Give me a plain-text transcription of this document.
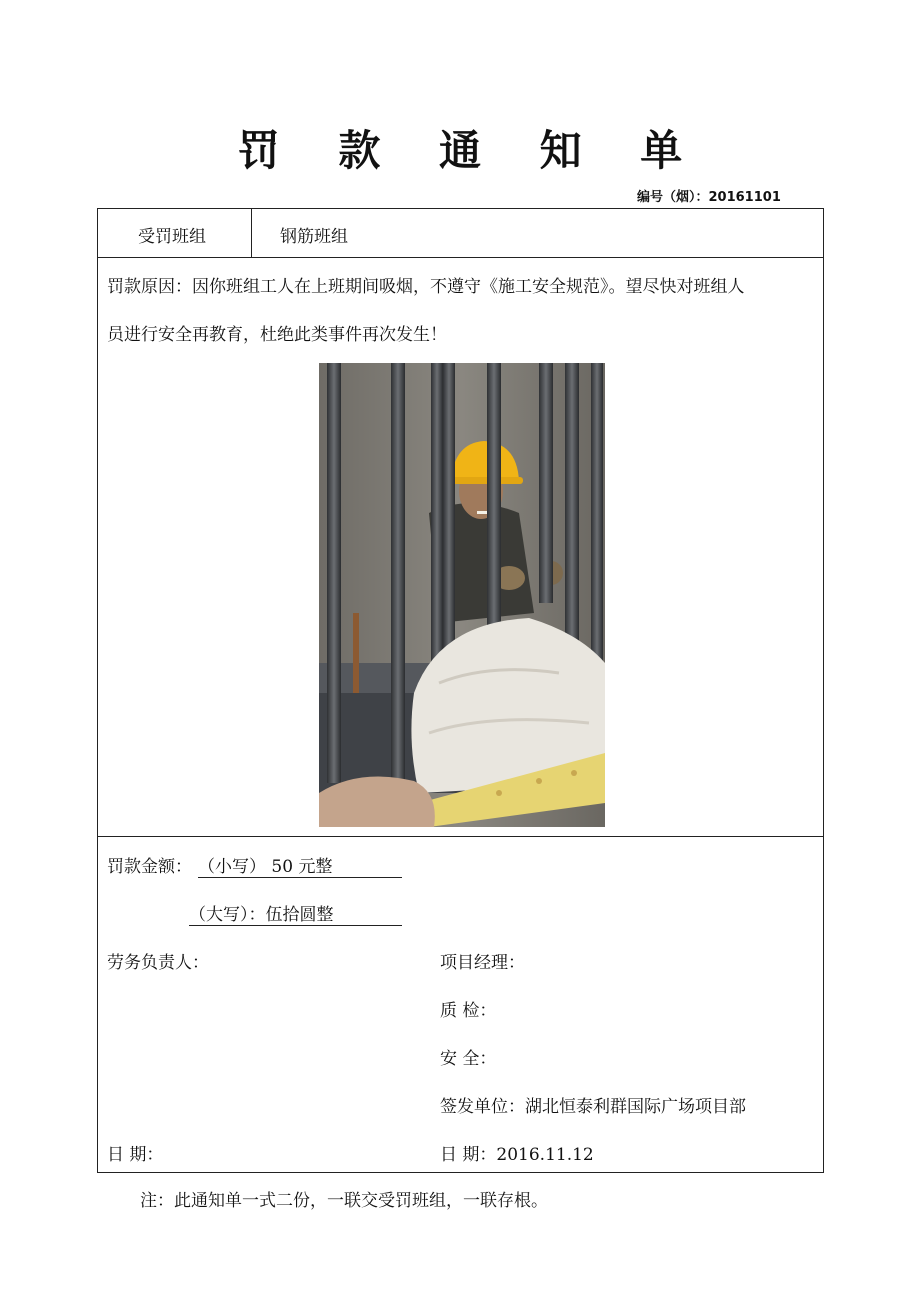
罚 款 通 知 单
编号（烟）：20161101
受罚班组	钢筋班组
罚款原因：因你班组工人在上班期间吸烟，不遵守《施工安全规范》。望尽快对班组人
员进行安全再教育，杜绝此类事件再次发生！
罚款金额： （小写） 50 元整
（大写）：伍拾圆整
劳务负责人：	项目经理：
质 检：
安 全：
签发单位：湖北恒泰利群国际广场项目部
日 期：	日 期：2016.11.12
注：此通知单一式二份，一联交受罚班组，一联存根。
